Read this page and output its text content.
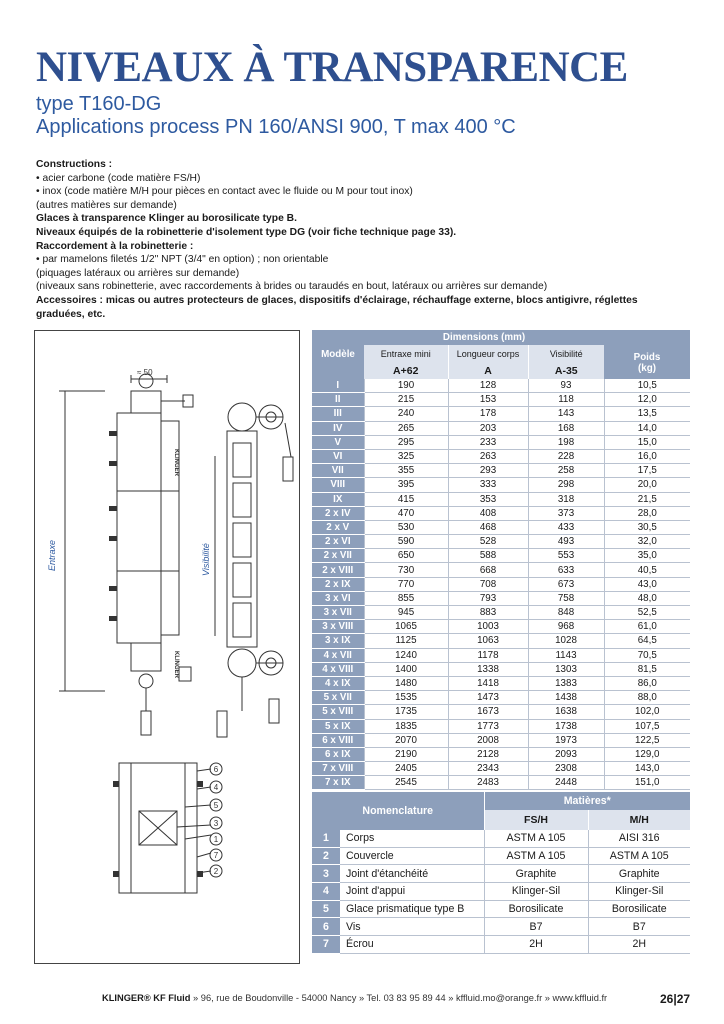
NIVEAUX À TRANSPARENCE
type T160-DG
Applications process PN 160/ANSI 900, T max 400 °C

Constructions :

• acier carbone (code matière FS/H)

• inox (code matière M/H pour pièces en contact avec le fluide ou M pour tout inox)

(autres matières sur demande)

Glaces à transparence Klinger au borosilicate type B.

Niveaux équipés de la robinetterie d'isolement type DG (voir fiche technique page 33).

Raccordement à la robinetterie :

• par mamelons filetés 1/2" NPT (3/4" en option) ; non orientable

(piquages latéraux ou arrières sur demande)

(niveaux sans robinetterie, avec raccordements à brides ou taraudés en bout, latéraux ou arrières sur demande)

Accessoires : micas ou autres protecteurs de glaces, dispositifs d'éclairage, réchauffage externe, blocs antigivre, réglettes graduées, etc.

≈ 50
Entraxe	Visibilité
KLINGER
KLINGER
6
4
5
3
1
7
2
Modèle	Dimensions (mm)			Poids
	Entraxe mini	Longueur corps	Visibilité	
	A+62	A	A-35	(kg)
I	190	128	93	10,5
II	215	153	118	12,0
III	240	178	143	13,5
IV	265	203	168	14,0
V	295	233	198	15,0
VI	325	263	228	16,0
VII	355	293	258	17,5
VIII	395	333	298	20,0
IX	415	353	318	21,5
2 x IV	470	408	373	28,0
2 x V	530	468	433	30,5
2 x VI	590	528	493	32,0
2 x VII	650	588	553	35,0
2 x VIII	730	668	633	40,5
2 x IX	770	708	673	43,0
3 x VI	855	793	758	48,0
3 x VII	945	883	848	52,5
3 x VIII	1065	1003	968	61,0
3 x IX	1125	1063	1028	64,5
4 x VII	1240	1178	1143	70,5
4 x VIII	1400	1338	1303	81,5
4 x IX	1480	1418	1383	86,0
5 x VII	1535	1473	1438	88,0
5 x VIII	1735	1673	1638	102,0
5 x IX	1835	1773	1738	107,5
6 x VIII	2070	2008	1973	122,5
6 x IX	2190	2128	2093	129,0
7 x VIII	2405	2343	2308	143,0
7 x IX	2545	2483	2448	151,0
Nomenclature		Matières*	
		FS/H	M/H
1	Corps	ASTM A 105	AISI 316
2	Couvercle	ASTM A 105	ASTM A 105
3	Joint d'étanchéité	Graphite	Graphite
4	Joint d'appui	Klinger-Sil	Klinger-Sil
5	Glace prismatique type B	Borosilicate	Borosilicate
6	Vis	B7	B7
7	Écrou	2H	2H
KLINGER® KF Fluid » 96, rue de Boudonville - 54000 Nancy » Tel. 03 83 95 89 44 » kffluid.mo@orange.fr » www.kffluid.fr	26|27
